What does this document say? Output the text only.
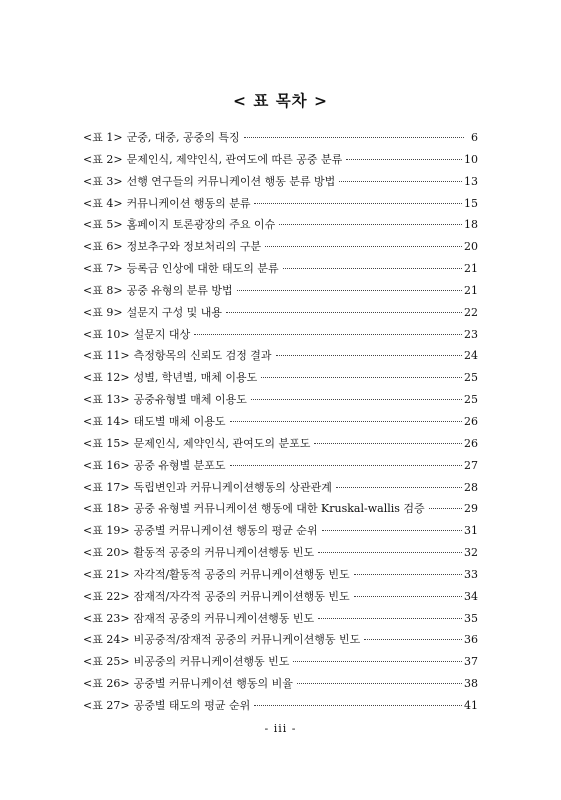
< 표 목차 >
<표 1> 군중, 대중, 공중의 특징	6
<표 2> 문제인식, 제약인식, 관여도에 따른 공중 분류	10
<표 3> 선행 연구들의 커뮤니케이션 행동 분류 방법	13
<표 4> 커뮤니케이션 행동의 분류	15
<표 5> 홈페이지 토론광장의 주요 이슈	18
<표 6> 정보추구와 정보처리의 구분	20
<표 7> 등록금 인상에 대한 태도의 분류	21
<표 8> 공중 유형의 분류 방법	21
<표 9> 설문지 구성 및 내용	22
<표 10> 설문지 대상	23
<표 11> 측정항목의 신뢰도 검정 결과	24
<표 12> 성별, 학년별, 매체 이용도	25
<표 13> 공중유형별 매체 이용도	25
<표 14> 태도별 매체 이용도	26
<표 15> 문제인식, 제약인식, 관여도의 분포도	26
<표 16> 공중 유형별 분포도	27
<표 17> 독립변인과 커뮤니케이션행동의 상관관계	28
<표 18> 공중 유형별 커뮤니케이션 행동에 대한 Kruskal-wallis 검증	29
<표 19> 공중별 커뮤니케이션 행동의 평균 순위	31
<표 20> 활동적 공중의 커뮤니케이션행동 빈도	32
<표 21> 자각적/활동적 공중의 커뮤니케이션행동 빈도	33
<표 22> 잠재적/자각적 공중의 커뮤니케이션행동 빈도	34
<표 23> 잠재적 공중의 커뮤니케이션행동 빈도	35
<표 24> 비공중적/잠재적 공중의 커뮤니케이션행동 빈도	36
<표 25> 비공중의 커뮤니케이션행동 빈도	37
<표 26> 공중별 커뮤니케이션 행동의 비율	38
<표 27> 공중별 태도의 평균 순위	41
- iii -
